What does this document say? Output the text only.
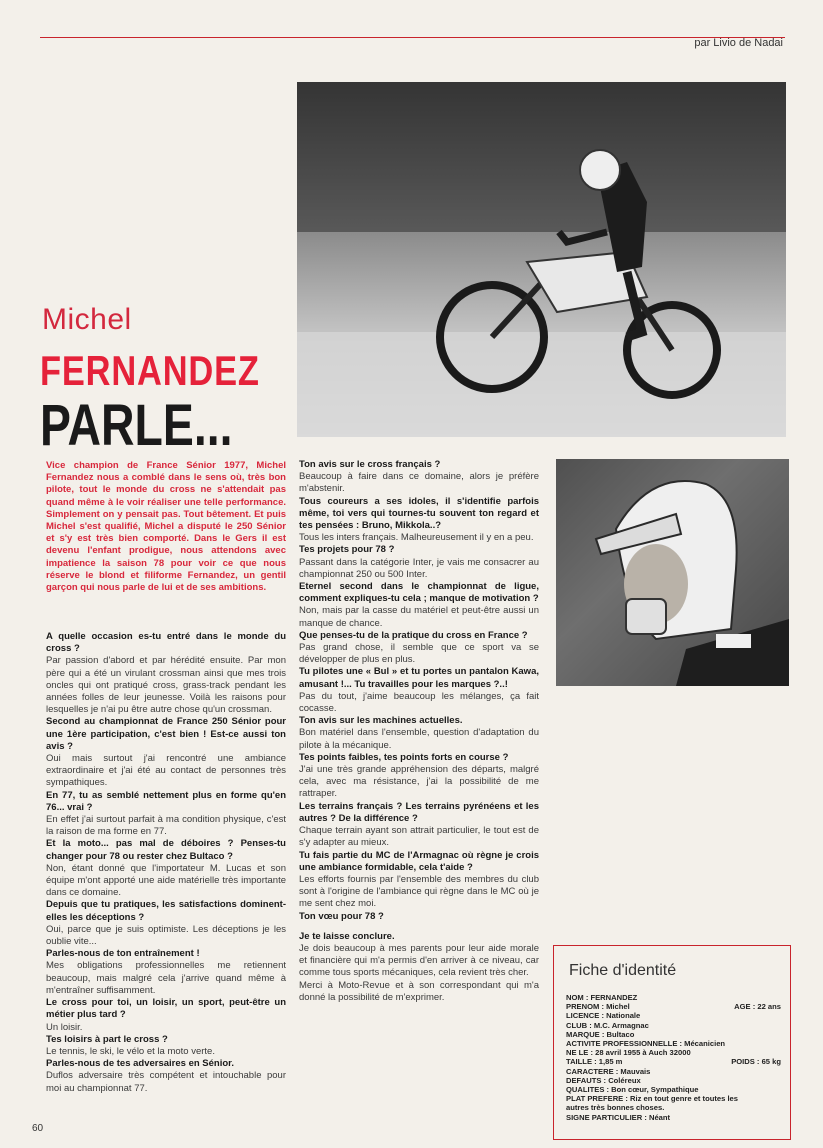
par Livio de Nadai
Michel
FERNANDEZ
PARLE...
Vice champion de France Sénior 1977, Michel Fernandez nous a comblé dans le sens où, très bon pilote, tout le monde du cross ne s'attendait pas quand même à le voir réaliser une telle performance. Simplement on y pensait pas. Tout bêtement. Et puis Michel s'est qualifié, Michel a disputé le 250 Sénior et s'y est très bien comporté. Dans le Gers il est devenu l'enfant prodigue, nous attendons avec impatience la saison 78 pour voir ce que nous réserve le blond et filiforme Fernandez, un gentil garçon qui nous parle de lui et de ses ambitions.

A quelle occasion es-tu entré dans le monde du cross ?

Par passion d'abord et par hérédité ensuite. Par mon père qui a été un virulant crossman ainsi que mes trois oncles qui ont pratiqué cross, grass-track pendant les années folles de leur jeunesse. Voilà les raisons pour lesquelles je n'ai pu être autre chose qu'un crossman.

Second au championnat de France 250 Sénior pour une 1ère participation, c'est bien ! Est-ce aussi ton avis ?

Oui mais surtout j'ai rencontré une ambiance extraordinaire et j'ai été au contact de personnes très sympathiques.

En 77, tu as semblé nettement plus en forme qu'en 76... vrai ?

En effet j'ai surtout parfait à ma condition physique, c'est la raison de ma forme en 77.

Et la moto... pas mal de déboires ? Penses-tu changer pour 78 ou rester chez Bultaco ?

Non, étant donné que l'importateur M. Lucas et son équipe m'ont apporté une aide matérielle très importante dans ce domaine.

Depuis que tu pratiques, les satisfactions dominent-elles les déceptions ?

Oui, parce que je suis optimiste. Les déceptions je les oublie vite...

Parles-nous de ton entraînement !

Mes obligations professionnelles me retiennent beaucoup, mais malgré cela j'arrive quand même à m'entraîner suffisamment.

Le cross pour toi, un loisir, un sport, peut-être un métier plus tard ?

Un loisir.

Tes loisirs à part le cross ?

Le tennis, le ski, le vélo et la moto verte.

Parles-nous de tes adversaires en Sénior.

Duflos adversaire très compétent et intouchable pour moi au championnat 77.

Ton avis sur le cross français ?

Beaucoup à faire dans ce domaine, alors je préfère m'abstenir.

Tous coureurs a ses idoles, il s'identifie parfois même, toi vers qui tournes-tu souvent ton regard et tes pensées : Bruno, Mikkola..?

Tous les inters français. Malheureusement il y en a peu.

Tes projets pour 78 ?

Passant dans la catégorie Inter, je vais me consacrer au championnat 250 ou 500 Inter.

Eternel second dans le championnat de ligue, comment expliques-tu cela ; manque de motivation ?

Non, mais par la casse du matériel et peut-être aussi un manque de chance.

Que penses-tu de la pratique du cross en France ?

Pas grand chose, il semble que ce sport va se développer de plus en plus.

Tu pilotes une « Bul » et tu portes un pantalon Kawa, amusant !... Tu travailles pour les marques ?..!

Pas du tout, j'aime beaucoup les mélanges, ça fait cocasse.

Ton avis sur les machines actuelles.

Bon matériel dans l'ensemble, question d'adaptation du pilote à la mécanique.

Tes points faibles, tes points forts en course ?

J'ai une très grande appréhension des départs, malgré cela, avec ma résistance, j'ai la possibilité de me rattraper.

Les terrains français ? Les terrains pyrénéens et les autres ? De la différence ?

Chaque terrain ayant son attrait particulier, le tout est de s'y adapter au mieux.

Tu fais partie du MC de l'Armagnac où règne je crois une ambiance formidable, cela t'aide ?

Les efforts fournis par l'ensemble des membres du club sont à l'origine de l'ambiance qui règne dans le MC où je me sent chez moi.

Ton vœu pour 78 ?

Je te laisse conclure.

Je dois beaucoup à mes parents pour leur aide morale et financière qui m'a permis d'en arriver à ce niveau, car comme tous sports mécaniques, cela revient très cher.

Merci à Moto-Revue et à son correspondant qui m'a donné la possibilité de m'exprimer.

Fiche d'identité
NOM : FERNANDEZ
PRENOM : Michel	AGE : 22 ans
LICENCE : Nationale
CLUB : M.C. Armagnac
MARQUE : Bultaco
ACTIVITE PROFESSIONNELLE : Mécanicien
NE LE : 28 avril 1955 à Auch 32000
TAILLE : 1,85 m	POIDS : 65 kg
CARACTERE : Mauvais
DEFAUTS : Coléreux
QUALITES : Bon cœur, Sympathique
PLAT PREFERE : Riz en tout genre et toutes les
autres très bonnes choses.
SIGNE PARTICULIER : Néant
60
